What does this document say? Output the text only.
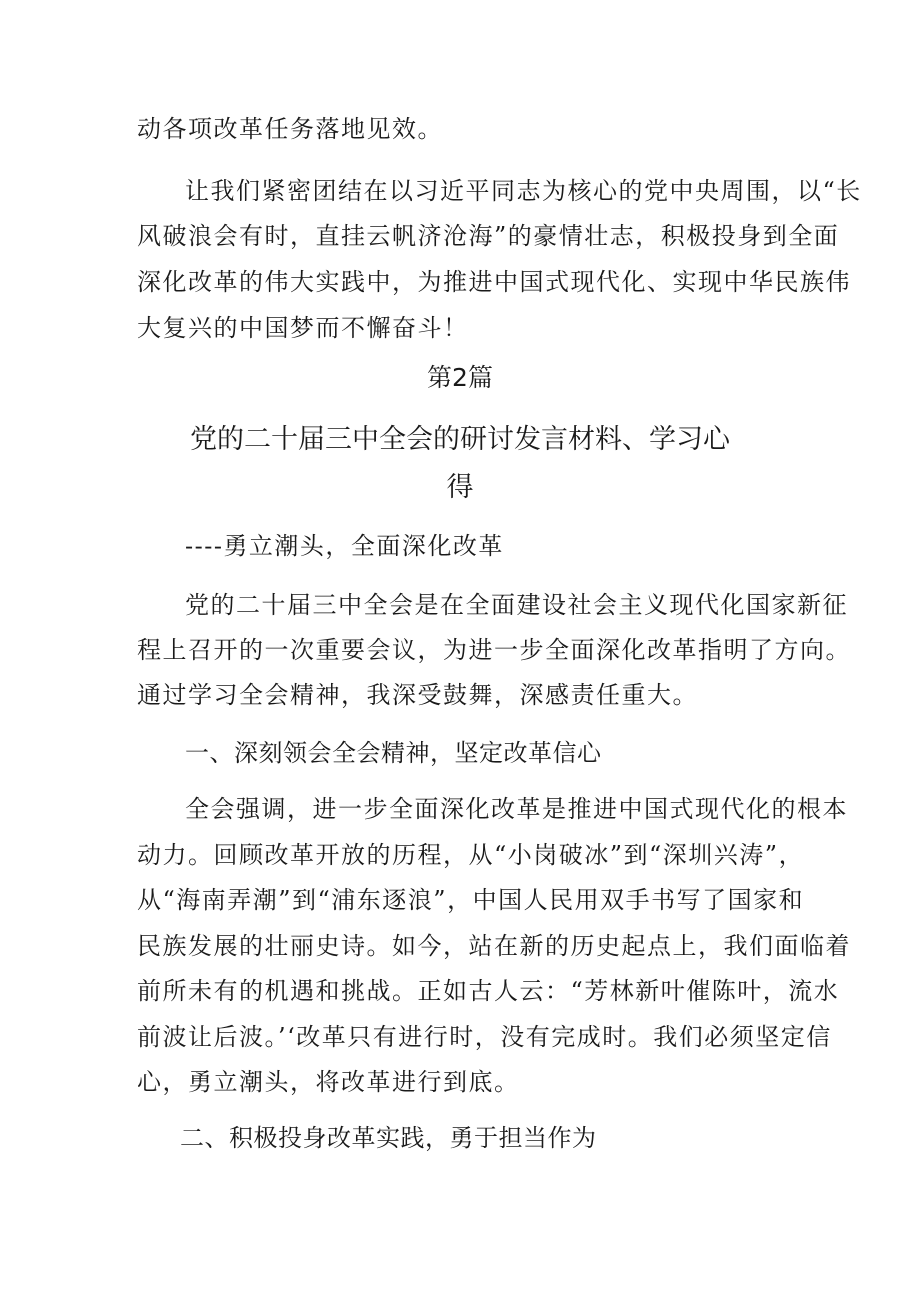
动各项改革任务落地见效。
让我们紧密团结在以习近平同志为核心的党中央周围，以“长
风破浪会有时，直挂云帆济沧海”的豪情壮志，积极投身到全面
深化改革的伟大实践中，为推进中国式现代化、实现中华民族伟
大复兴的中国梦而不懈奋斗！
第2篇
党的二十届三中全会的研讨发言材料、学习心
得
----勇立潮头，全面深化改革
党的二十届三中全会是在全面建设社会主义现代化国家新征
程上召开的一次重要会议，为进一步全面深化改革指明了方向。
通过学习全会精神，我深受鼓舞，深感责任重大。
一、深刻领会全会精神，坚定改革信心
全会强调，进一步全面深化改革是推进中国式现代化的根本
动力。回顾改革开放的历程，从“小岗破冰”到“深圳兴涛”，
从“海南弄潮”到“浦东逐浪”，中国人民用双手书写了国家和
民族发展的壮丽史诗。如今，站在新的历史起点上，我们面临着
前所未有的机遇和挑战。正如古人云：“芳林新叶催陈叶，流水
前波让后波。’‘改革只有进行时，没有完成时。我们必须坚定信
心，勇立潮头，将改革进行到底。
二、积极投身改革实践，勇于担当作为
